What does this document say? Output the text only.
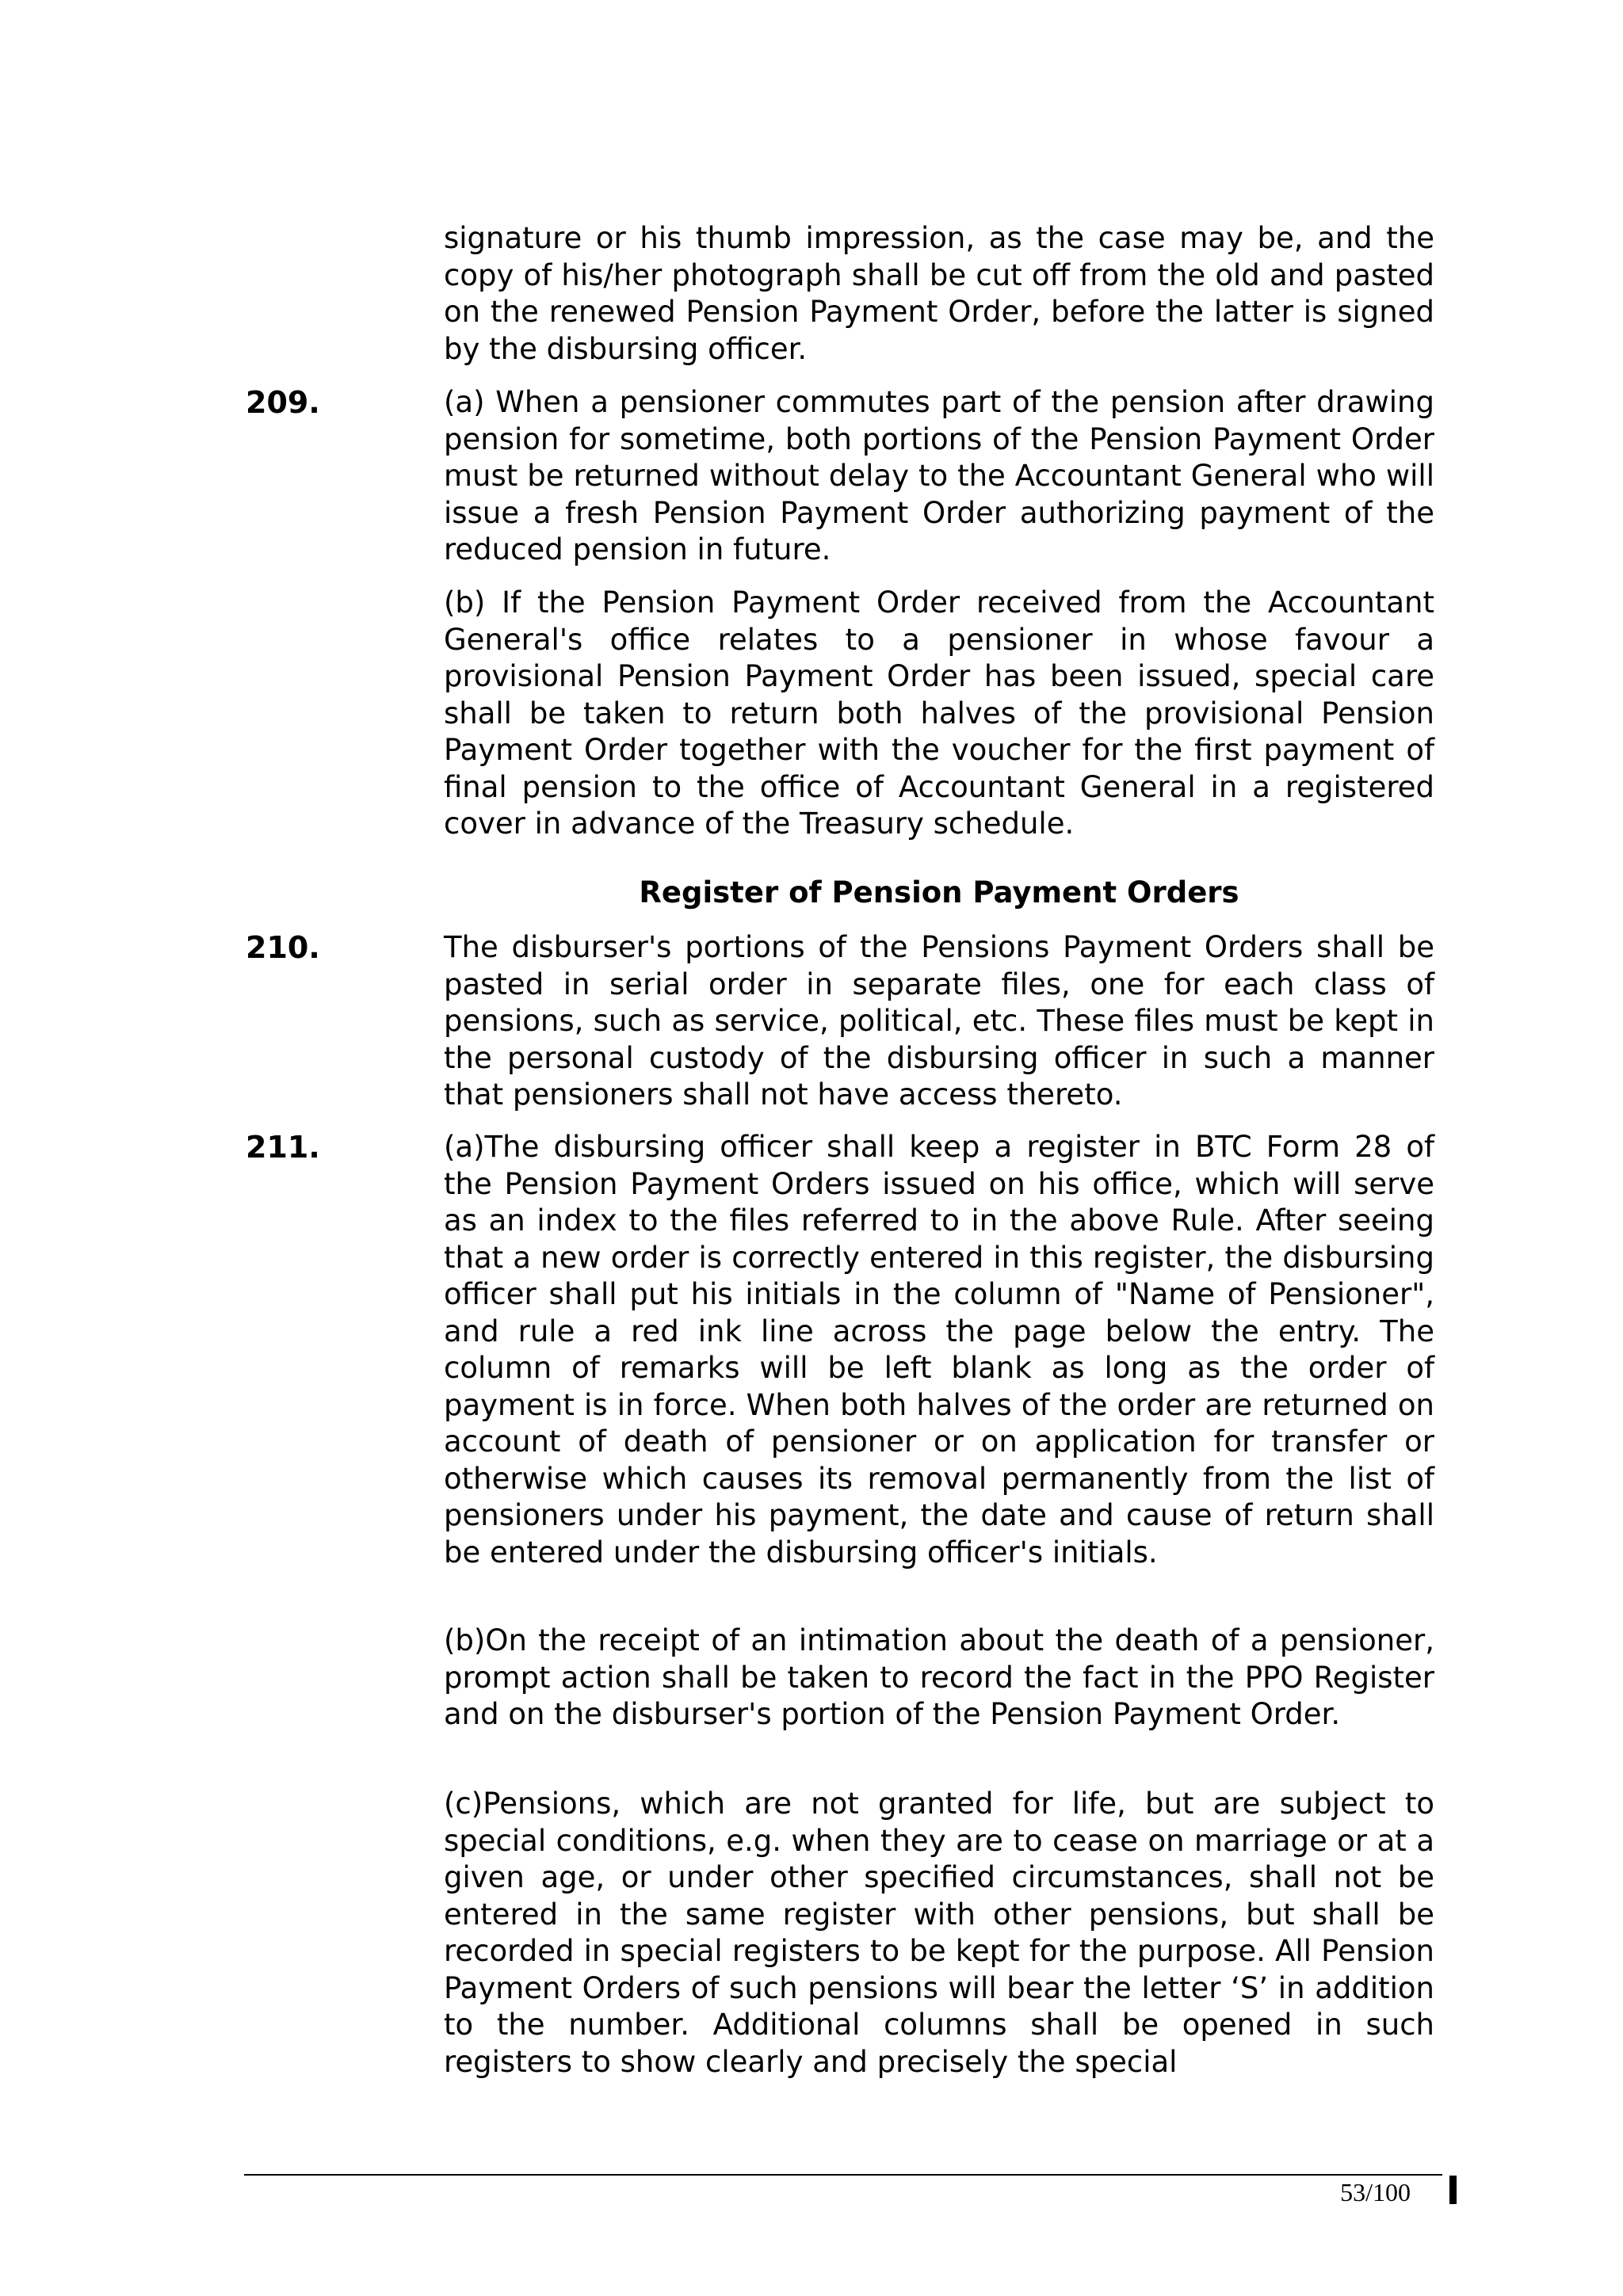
signature or his thumb impression, as the case may be, and the copy of his/her photograph shall be cut off from the old and pasted on the renewed Pension Payment Order, before the latter is signed by the disbursing officer.

209.	(a) When a pensioner commutes part of the pension after drawing pension for sometime, both portions of the Pension Payment Order must be returned without delay to the Accountant General who will issue a fresh Pension Payment Order authorizing payment of the reduced pension in future.

(b) If the Pension Payment Order received from the Accountant General's office relates to a pensioner in whose favour a provisional Pension Payment Order has been issued, special care shall be taken to return both halves of the provisional Pension Payment Order together with the voucher for the first payment of final pension to the office of Accountant General in a registered cover in advance of the Treasury schedule.

Register of Pension Payment Orders
210.	The disburser's portions of the Pensions Payment Orders shall be pasted in serial order in separate files, one for each class of pensions, such as service, political, etc. These files must be kept in the personal custody of the disbursing officer in such a manner that pensioners shall not have access thereto.

211.	(a)The disbursing officer shall keep a register in BTC Form 28 of the Pension Payment Orders issued on his office, which will serve as an index to the files referred to in the above Rule. After seeing that a new order is correctly entered in this register, the disbursing officer shall put his initials in the column of "Name of Pensioner", and rule a red ink line across the page below the entry. The column of remarks will be left blank as long as the order of payment is in force. When both halves of the order are returned on account of death of pensioner or on application for transfer or otherwise which causes its removal permanently from the list of pensioners under his payment, the date and cause of return shall be entered under the disbursing officer's initials.

(b)On the receipt of an intimation about the death of a pensioner, prompt action shall be taken to record the fact in the PPO Register and on the disburser's portion of the Pension Payment Order.

(c)Pensions, which are not granted for life, but are subject to special conditions, e.g. when they are to cease on marriage or at a given age, or under other specified circumstances, shall not be entered in the same register with other pensions, but shall be recorded in special registers to be kept for the purpose. All Pension Payment Orders of such pensions will bear the letter ‘S’ in addition to the number. Additional columns shall be opened in such registers to show clearly and precisely the special

53/100
